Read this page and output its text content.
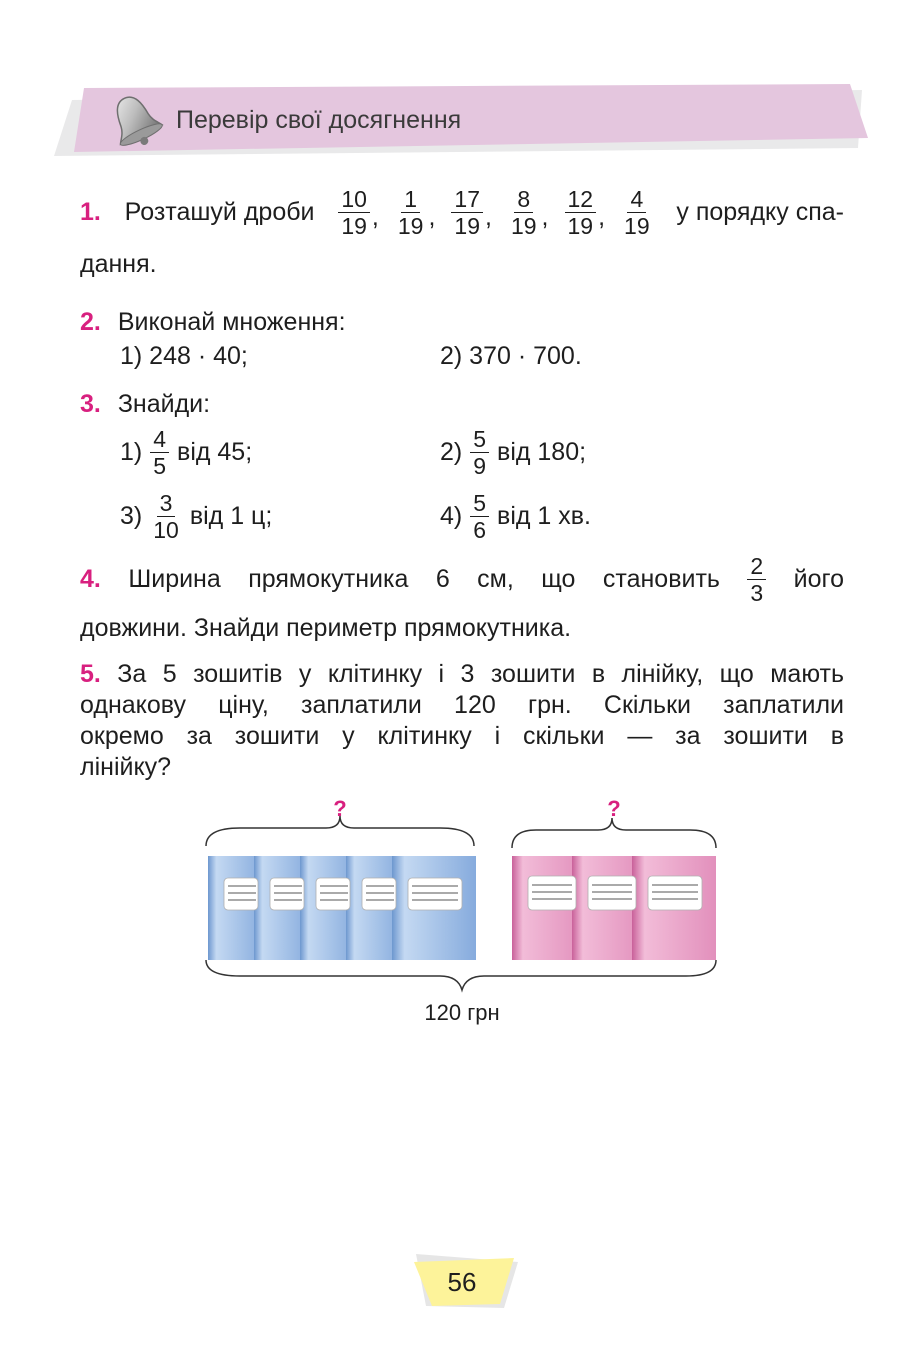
Перевір свої досягнення
1. Розташуй дроби $\frac{10}{19}$ , $\frac{1}{19}$ , $\frac{17}{19}$ , $\frac{8}{19}$ , $\frac{12}{19}$ , $\frac{4}{19}$ у порядку спа-
дання.
2. Виконай множення:
1) 248 · 40;	2) 370 · 700.
3. Знайди:
$1) \frac{4}{5}$ від 45;	$2) \frac{5}{9}$ від 180;
$3) \frac{3}{10}$ від 1 ц;	$4) \frac{5}{6}$ від 1 хв.
4. Ширина прямокутника 6 см, що становить $\frac{2}{3}$ його
довжини. Знайди периметр прямокутника.
5. За 5 зошитів у клітинку і 3 зошити в лінійку, що мають
однакову ціну, заплатили 120 грн. Скільки заплатили
окремо за зошити у клітинку і скільки — за зошити в
лінійку?
?	?
120 грн
56
